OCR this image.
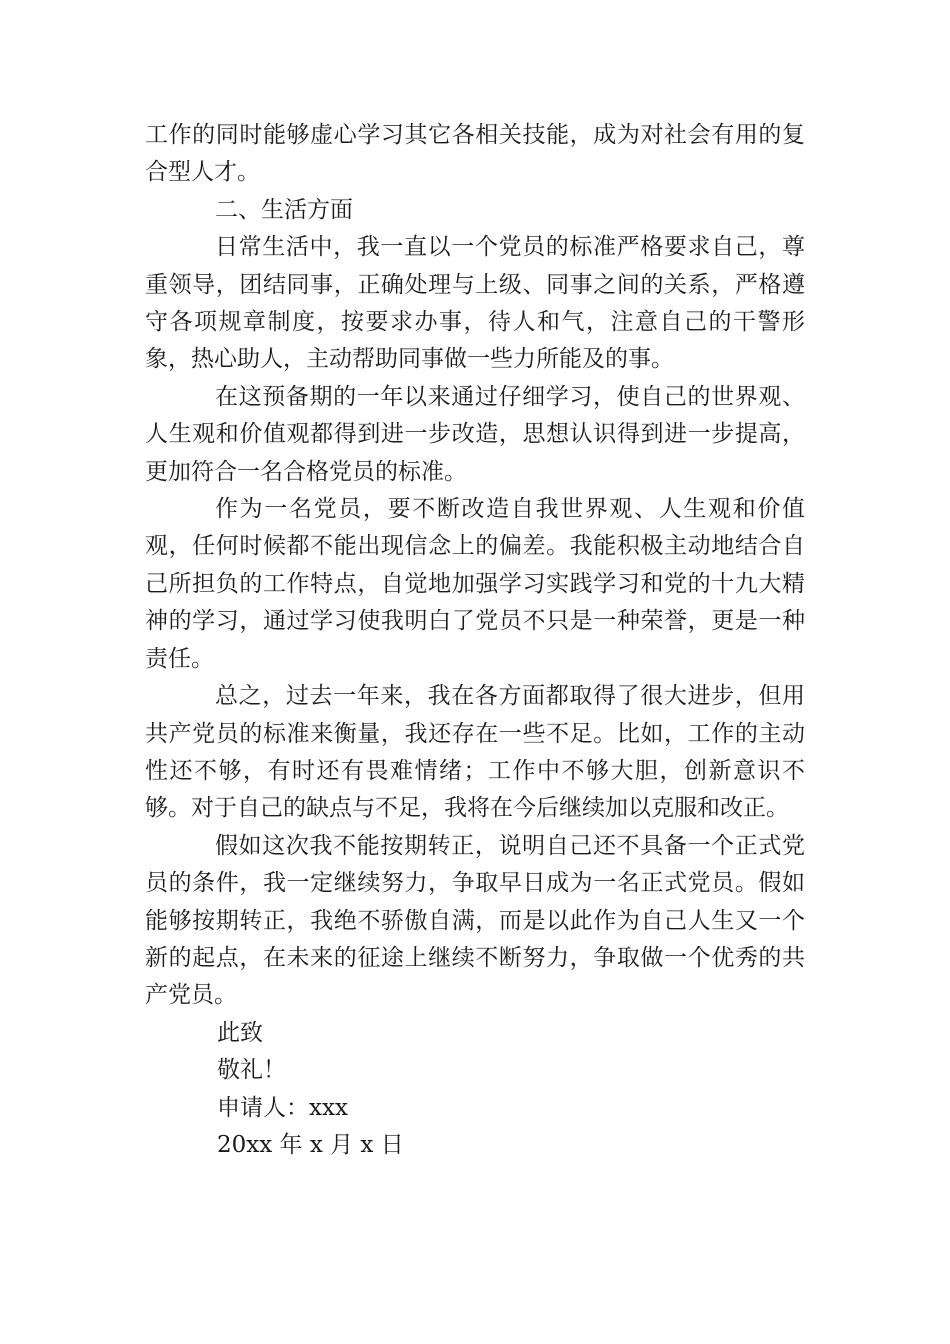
工作的同时能够虚心学习其它各相关技能，成为对社会有用的复合型人才。

二、生活方面

日常生活中，我一直以一个党员的标准严格要求自己，尊重领导，团结同事，正确处理与上级、同事之间的关系，严格遵守各项规章制度，按要求办事，待人和气，注意自己的干警形象，热心助人，主动帮助同事做一些力所能及的事。

在这预备期的一年以来通过仔细学习，使自己的世界观、人生观和价值观都得到进一步改造，思想认识得到进一步提高，更加符合一名合格党员的标准。

作为一名党员，要不断改造自我世界观、人生观和价值观，任何时候都不能出现信念上的偏差。我能积极主动地结合自己所担负的工作特点，自觉地加强学习实践学习和党的十九大精神的学习，通过学习使我明白了党员不只是一种荣誉，更是一种责任。

总之，过去一年来，我在各方面都取得了很大进步，但用共产党员的标准来衡量，我还存在一些不足。比如，工作的主动性还不够，有时还有畏难情绪；工作中不够大胆，创新意识不够。对于自己的缺点与不足，我将在今后继续加以克服和改正。

假如这次我不能按期转正，说明自己还不具备一个正式党员的条件，我一定继续努力，争取早日成为一名正式党员。假如能够按期转正，我绝不骄傲自满，而是以此作为自己人生又一个新的起点，在未来的征途上继续不断努力，争取做一个优秀的共产党员。

此致

敬礼！

申请人：xxx

20xx 年 x 月 x 日
